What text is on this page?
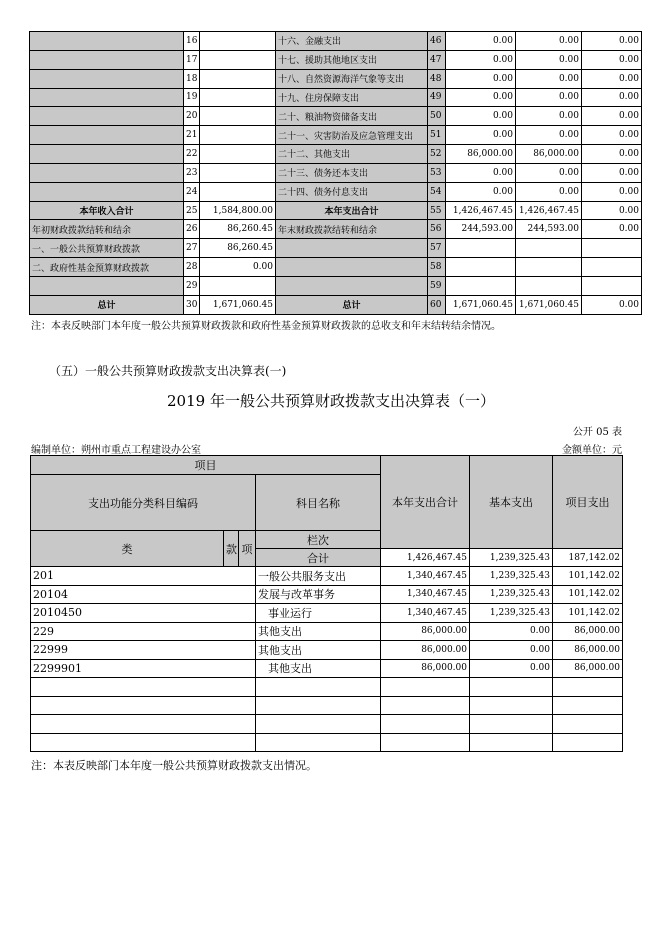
	16		十六、金融支出	46	0.00	0.00	0.00
	17		十七、援助其他地区支出	47	0.00	0.00	0.00
	18		十八、自然资源海洋气象等支出	48	0.00	0.00	0.00
	19		十九、住房保障支出	49	0.00	0.00	0.00
	20		二十、粮油物资储备支出	50	0.00	0.00	0.00
	21		二十一、灾害防治及应急管理支出	51	0.00	0.00	0.00
	22		二十二、其他支出	52	86,000.00	86,000.00	0.00
	23		二十三、债务还本支出	53	0.00	0.00	0.00
	24		二十四、债务付息支出	54	0.00	0.00	0.00
本年收入合计	25	1,584,800.00	本年支出合计	55	1,426,467.45	1,426,467.45	0.00
年初财政拨款结转和结余	26	86,260.45	年末财政拨款结转和结余	56	244,593.00	244,593.00	0.00
一、一般公共预算财政拨款	27	86,260.45		57			
二、政府性基金预算财政拨款	28	0.00		58			
	29			59			
总计	30	1,671,060.45	总计	60	1,671,060.45	1,671,060.45	0.00
注：本表反映部门本年度一般公共预算财政拨款和政府性基金预算财政拨款的总收支和年末结转结余情况。
（五）一般公共预算财政拨款支出决算表(一)
2019 年一般公共预算财政拨款支出决算表（一）
公开 05 表
编制单位：朔州市重点工程建设办公室	金额单位：元
项目				本年支出合计	基本支出	项目支出
支出功能分类科目编码			科目名称			
类	款	项	栏次			
			合计	1,426,467.45	1,239,325.43	187,142.02
201			一般公共服务支出	1,340,467.45	1,239,325.43	101,142.02
20104			发展与改革事务	1,340,467.45	1,239,325.43	101,142.02
2010450			事业运行	1,340,467.45	1,239,325.43	101,142.02
229			其他支出	86,000.00	0.00	86,000.00
22999			其他支出	86,000.00	0.00	86,000.00
2299901			其他支出	86,000.00	0.00	86,000.00

注：本表反映部门本年度一般公共预算财政拨款支出情况。
